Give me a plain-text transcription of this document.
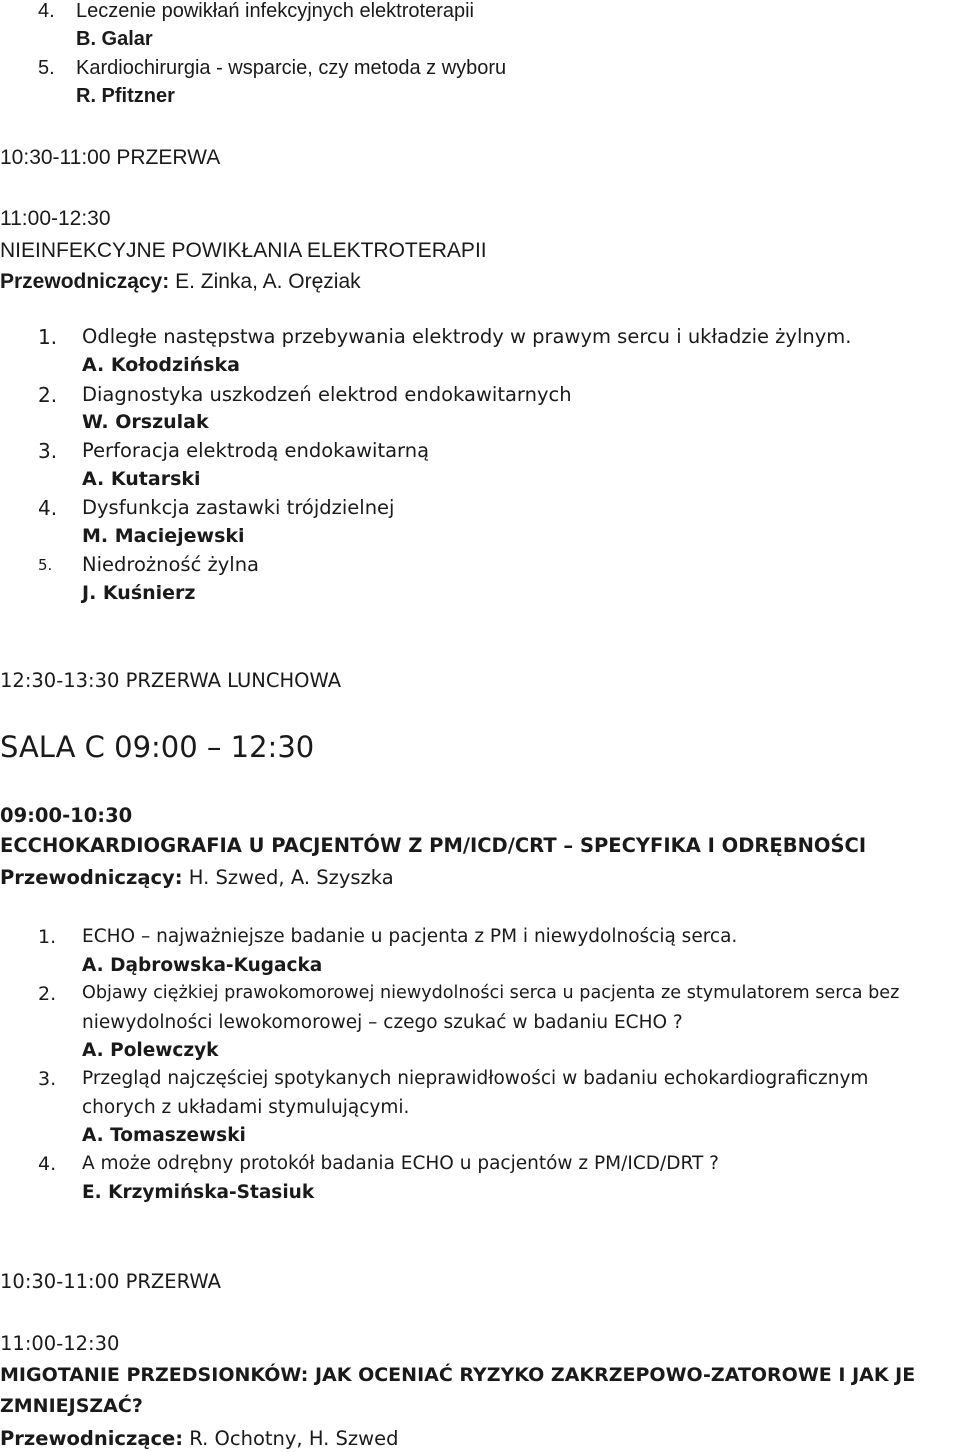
4. Leczenie powikłań infekcyjnych elektroterapii
B. Galar
5. Kardiochirurgia - wsparcie, czy metoda z wyboru
R. Pfitzner
10:30-11:00 PRZERWA
11:00-12:30
NIEINFEKCYJNE POWIKŁANIA ELEKTROTERAPII
Przewodniczący: E. Zinka, A. Oręziak
1. Odległe następstwa przebywania elektrody w prawym sercu i układzie żylnym.
A. Kołodzińska
2. Diagnostyka uszkodzeń elektrod endokawitarnych
W. Orszulak
3. Perforacja elektrodą endokawitarną
A. Kutarski
4. Dysfunkcja zastawki trójdzielnej
M. Maciejewski
5. Niedrożność żylna
J. Kuśnierz
12:30-13:30 PRZERWA LUNCHOWA
SALA C 09:00 – 12:30
09:00-10:30
ECCHOKARDIOGRAFIA U PACJENTÓW Z PM/ICD/CRT – SPECYFIKA I ODRĘBNOŚCI
Przewodniczący: H. Szwed, A. Szyszka
1. ECHO – najważniejsze badanie u pacjenta z PM i niewydolnością serca.
A. Dąbrowska-Kugacka
2. Objawy ciężkiej prawokomorowej niewydolności serca u pacjenta ze stymulatorem serca bez
niewydolności lewokomorowej – czego szukać w badaniu ECHO ?
A. Polewczyk
3. Przegląd najczęściej spotykanych nieprawidłowości w badaniu echokardiograficznym
chorych z układami stymulującymi.
A. Tomaszewski
4. A może odrębny protokół badania ECHO u pacjentów z PM/ICD/DRT ?
E. Krzymińska-Stasiuk
10:30-11:00 PRZERWA
11:00-12:30
MIGOTANIE PRZEDSIONKÓW: JAK OCENIAĆ RYZYKO ZAKRZEPOWO-ZATOROWE I JAK JE
ZMNIEJSZAĆ?
Przewodniczące: R. Ochotny, H. Szwed
